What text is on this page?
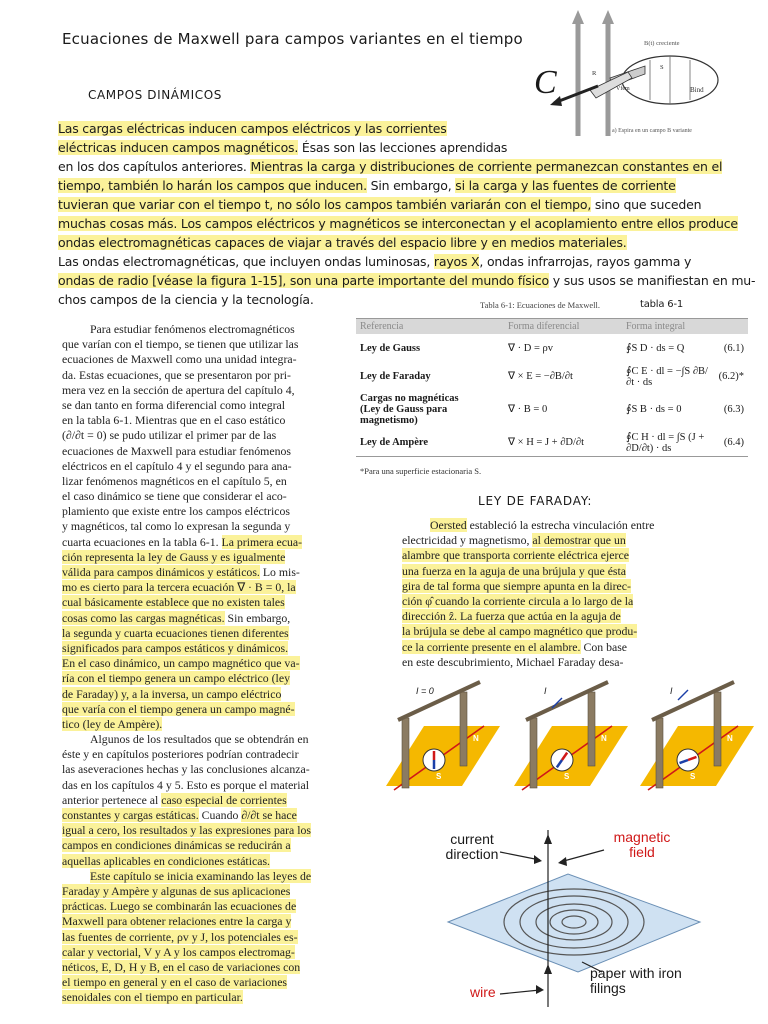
Ecuaciones de Maxwell para campos variantes en el tiempo
C
B(t) creciente
Bind
R
S
Vfem
a) Espira en un campo B variante
CAMPOS DINÁMICOS
Las cargas eléctricas inducen campos eléctricos y las corrientes
eléctricas inducen campos magnéticos. Ésas son las lecciones aprendidas
en los dos capítulos anteriores. Mientras la carga y distribuciones de corriente permanezcan constantes en el
tiempo, también lo harán los campos que inducen. Sin embargo, si la carga y las fuentes de corriente
tuvieran que variar con el tiempo t, no sólo los campos también variarán con el tiempo, sino que suceden
muchas cosas más. Los campos eléctricos y magnéticos se interconectan y el acoplamiento entre ellos produce
ondas electromagnéticas capaces de viajar a través del espacio libre y en medios materiales.
Las ondas electromagnéticas, que incluyen ondas luminosas, rayos X, ondas infrarrojas, rayos gamma y
ondas de radio [véase la figura 1-15], son una parte importante del mundo físico y sus usos se manifiestan en mu-
chos campos de la ciencia y la tecnología.
Para estudiar fenómenos electromagnéticos
que varían con el tiempo, se tienen que utilizar las
ecuaciones de Maxwell como una unidad integra-
da. Estas ecuaciones, que se presentaron por pri-
mera vez en la sección de apertura del capítulo 4,
se dan tanto en forma diferencial como integral
en la tabla 6-1. Mientras que en el caso estático
(∂/∂t = 0) se pudo utilizar el primer par de las
ecuaciones de Maxwell para estudiar fenómenos
eléctricos en el capítulo 4 y el segundo para ana-
lizar fenómenos magnéticos en el capítulo 5, en
el caso dinámico se tiene que considerar el aco-
plamiento que existe entre los campos eléctricos
y magnéticos, tal como lo expresan la segunda y
cuarta ecuaciones en la tabla 6-1. La primera ecua-
ción representa la ley de Gauss y es igualmente
válida para campos dinámicos y estáticos. Lo mis-
mo es cierto para la tercera ecuación ∇ · B = 0, la
cual básicamente establece que no existen tales
cosas como las cargas magnéticas. Sin embargo,
la segunda y cuarta ecuaciones tienen diferentes
significados para campos estáticos y dinámicos.
En el caso dinámico, un campo magnético que va-
ría con el tiempo genera un campo eléctrico (ley
de Faraday) y, a la inversa, un campo eléctrico
que varía con el tiempo genera un campo magné-
tico (ley de Ampère).
Algunos de los resultados que se obtendrán en
éste y en capítulos posteriores podrían contradecir
las aseveraciones hechas y las conclusiones alcanza-
das en los capítulos 4 y 5. Esto es porque el material
anterior pertenece al caso especial de corrientes
constantes y cargas estáticas. Cuando ∂/∂t se hace
igual a cero, los resultados y las expresiones para los
campos en condiciones dinámicas se reducirán a
aquellas aplicables en condiciones estáticas.
Este capítulo se inicia examinando las leyes de
Faraday y Ampère y algunas de sus aplicaciones
prácticas. Luego se combinarán las ecuaciones de
Maxwell para obtener relaciones entre la carga y
las fuentes de corriente, ρv y J, los potenciales es-
calar y vectorial, V y A y los campos electromag-
néticos, E, D, H y B, en el caso de variaciones con
el tiempo en general y en el caso de variaciones
senoidales con el tiempo en particular.
Tabla 6-1: Ecuaciones de Maxwell.	tabla 6-1
Referencia	Forma diferencial	Forma integral	
Ley de Gauss	∇ · D = ρv	∮S D · ds = Q	(6.1)
Ley de Faraday	∇ × E = −∂B/∂t	∮C E · dl = −∫S ∂B/∂t · ds	(6.2)*
Cargas no magnéticas
(Ley de Gauss para magnetismo)	∇ · B = 0	∮S B · ds = 0	(6.3)
Ley de Ampère	∇ × H = J + ∂D/∂t	∮C H · dl = ∫S (J + ∂D/∂t) · ds	(6.4)
*Para una superficie estacionaria S.
LEY DE FARADAY:
Oersted estableció la estrecha vinculación entre
electricidad y magnetismo, al demostrar que un
alambre que transporta corriente eléctrica ejerce
una fuerza en la aguja de una brújula y que ésta
gira de tal forma que siempre apunta en la direc-
ción φ̂ cuando la corriente circula a lo largo de la
dirección ẑ. La fuerza que actúa en la aguja de
la brújula se debe al campo magnético que produ-
ce la corriente presente en el alambre. Con base
en este descubrimiento, Michael Faraday desa-
I = 0	I	I
N
S
N
S
N
S
current direction
magnetic field
wire
paper with iron filings
